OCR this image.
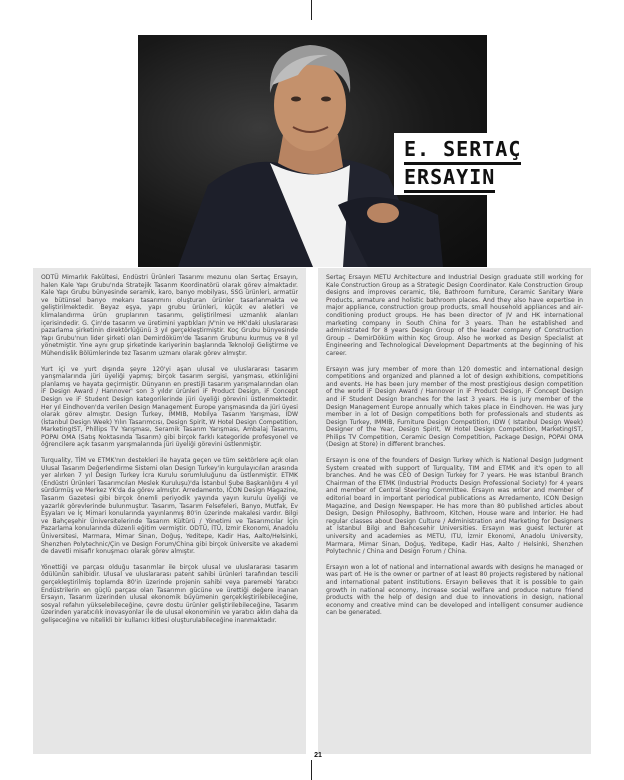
E. SERTAÇ
ERSAYIN

ODTÜ Mimarlık Fakültesi, Endüstri Ürünleri Tasarımı mezunu olan Sertaç Ersayın, halen Kale Yapı Grubu'nda Stratejik Tasarım Koordinatörü olarak görev almaktadır. Kale Yapı Grubu bünyesinde seramik, karo, banyo mobilyası, SSG ürünleri, armatür ve bütünsel banyo mekanı tasarımını oluşturan ürünler tasarlanmakta ve geliştirilmektedir. Beyaz eşya, yapı grubu ürünleri, küçük ev aletleri ve klimalandırma ürün gruplarının tasarımı, geliştirilmesi uzmanlık alanları içerisindedir. G. Çin'de tasarım ve üretimini yaptıkları JV'nin ve HK'daki uluslararası pazarlama şirketinin direktörlüğünü 3 yıl gerçekleştirmiştir. Koç Grubu bünyesinde Yapı Grubu'nun lider şirketi olan Demirdöküm'de Tasarım Grubunu kurmuş ve 8 yıl yönetmiştir. Yine aynı grup şirketinde kariyerinin başlarında Teknoloji Geliştirme ve Mühendislik Bölümlerinde tez Tasarım uzmanı olarak görev almıştır.

Yurt içi ve yurt dışında şeyre 120'yi aşan ulusal ve uluslararası tasarım yarışmalarında jüri üyeliği yapmış; birçok tasarım sergisi, yarışması, etkinliğini planlamış ve hayata geçirmiştir. Dünyanın en prestijli tasarım yarışmalarından olan iF Design Award / Hannover' son 3 yıldır ürünleri iF Product Design, iF Concept Design ve iF Student Design kategorilerinde jüri üyeliği görevini üstlenmektedir. Her yıl Eindhoven'da verilen Design Management Europe yarışmasında da jüri üyesi olarak görev almıştır. Design Turkey, IMMIB, Mobilya Tasarım Yarışması, IDW (İstanbul Design Week) Yılın Tasarımcısı, Design Spirit, W Hotel Design Competition, MarketingIST, Phillips TV Yarışması, Seramik Tasarım Yarışması, Ambalaj Tasarımı, POPAI OMA (Satış Noktasında Tasarım) gibi birçok farklı kategoride profesyonel ve öğrencilere açık tasarım yarışmalarında jüri üyeliği görevini üstlenmiştir.

Turquality, TİM ve ETMK'nın destekleri ile hayata geçen ve tüm sektörlere açık olan Ulusal Tasarım Değerlendirme Sistemi olan Design Turkey'in kurgulayıcıları arasında yer alırken 7 yıl Design Turkey İcra Kurulu sorumluluğunu da üstlenmiştir. ETMK (Endüstri Ürünleri Tasarımcıları Meslek Kuruluşu)'da İstanbul Şube Başkanlığını 4 yıl sürdürmüş ve Merkez YK'da da görev almıştır. Arredamento, ICON Design Magazine, Tasarım Gazetesi gibi birçok önemli periyodik yayında yayın kurulu üyeliği ve yazarlık görevlerinde bulunmuştur. Tasarım, Tasarım Felsefeleri, Banyo, Mutfak, Ev Eşyaları ve İç Mimari konularında yayınlanmış 80'in üzerinde makalesi vardır. Bilgi ve Bahçeşehir Üniversitelerinde Tasarım Kültürü / Yönetimi ve Tasarımcılar İçin Pazarlama konularında düzenli eğitim vermiştir. ODTÜ, İTÜ, İzmir Ekonomi, Anadolu Üniversitesi, Marmara, Mimar Sinan, Doğuş, Yeditepe, Kadir Has, Aalto/Helsinki, Shenzhen Polytechnic/Çin ve Design Forum/China gibi birçok üniversite ve akademi de davetli misafir konuşmacı olarak görev almıştır.

Yönettiği ve parçası olduğu tasarımlar ile birçok ulusal ve uluslararası tasarım ödülünün sahibidir. Ulusal ve uluslararası patent sahibi ürünleri tarafından tescili gerçekleştirilmiş toplamda 80'in üzerinde projenin sahibi veya paremebi Yaratıcı Endüstrilerin en güçlü parçası olan Tasarımın gücüne ve ürettiği değere inanan Ersayın, Tasarım üzerinden ulusal ekonomik büyümenin gerçekleştirilebileceğine, sosyal refahın yükselebileceğine, çevre dostu ürünler geliştirilebileceğine, Tasarım üzerinden yaratıcılık inovasyonlar ile de ulusal ekonominin ve yaratıcı aklın daha da gelişeceğine ve nitelikli bir kullanıcı kitlesi oluşturulabileceğine inanmaktadır.

Sertaç Ersayın METU Architecture and Industrial Design graduate still working for Kale Construction Group as a Strategic Design Coordinator. Kale Construction Group designs and improves ceramic, tile, Bathroom furniture, Ceramic Sanitary Ware Products, armature and holistic bathroom places. And they also have expertise in major appliance, construction group products, small household appliances and air-conditioning product groups. He has been director of JV and HK international marketing company in South China for 3 years. Than he established and administrated for 8 years Design Group of the leader company of Construction Group – DemirDöküm within Koç Group. Also he worked as Design Specialist at Engineering and Technological Development Departments at the beginning of his career.

Ersayın was jury member of more than 120 domestic and international design competitions and organized and planned a lot of design exhibitions, competitions and events. He has been jury member of the most prestigious design competition of the world iF Design Award / Hannover in iF Product Design, iF Concept Design and iF Student Design branches for the last 3 years. He is jury member of the Design Management Europe annually which takes place in Eindhoven. He was jury member in a lot of Design competitions both for professionals and students as Design Turkey, IMMIB, Furniture Design Competition, IDW ( Istanbul Design Week) Designer of the Year, Design Spirit, W Hotel Design Competition, MarketingIST, Philips TV Competition, Ceramic Design Competition, Package Design, POPAI OMA (Design at Store) in different branches.

Ersayın is one of the founders of Design Turkey which is National Design Judgment System created with support of Turquality, TIM and ETMK and it's open to all branches. And he was CEO of Design Turkey for 7 years. He was Istanbul Branch Chairman of the ETMK (Industrial Products Design Professional Society) for 4 years and member of Central Steering Committee. Ersayın was writer and member of editorial board in important periodical publications as Arredamento, ICON Design Magazine, and Design Newspaper. He has more than 80 published articles about Design, Design Philosophy, Bathroom, Kitchen, House ware and Interior. He had regular classes about Design Culture / Administration and Marketing for Designers at İstanbul Bilgi and Bahcesehir Universities. Ersayın was guest lecturer at university and academies as METU, ITU, İzmir Ekonomi, Anadolu University, Marmara, Mimar Sinan, Doğuş, Yeditepe, Kadir Has, Aalto / Helsinki, Shenzhen Polytechnic / China and Design Forum / China.

Ersayın won a lot of national and international awards with designs he managed or was part of. He is the owner or partner of at least 80 projects registered by national and international patent institutions. Ersayın believes that it is possible to gain growth in national economy, increase social welfare and produce nature friend products with the help of design and due to innovations in design, national economy and creative mind can be developed and intelligent consumer audience can be generated.

21
